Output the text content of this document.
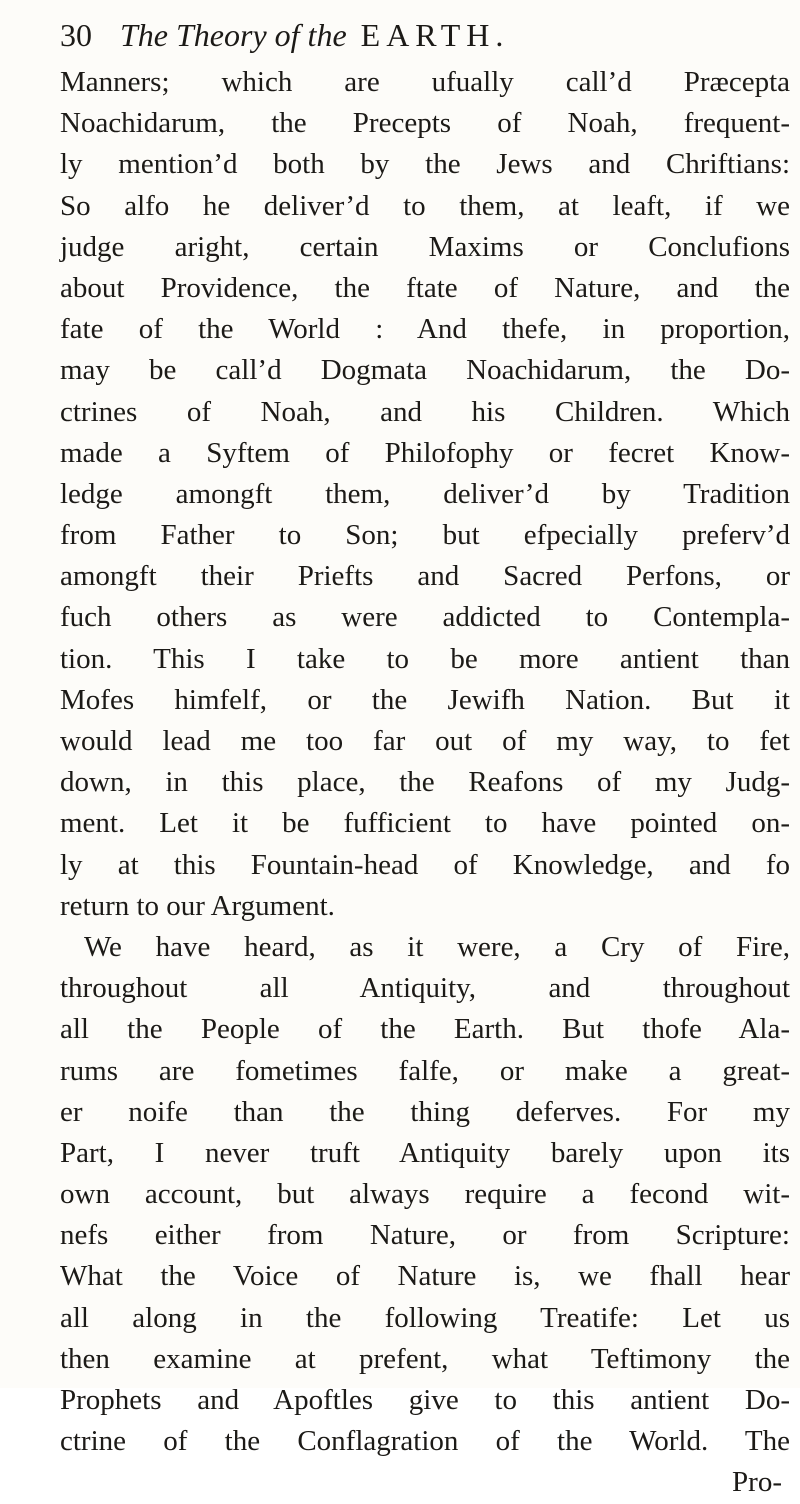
30 The Theory of the EARTH.
Manners; which are ufually call’d Præcepta
Noachidarum, the Precepts of Noah, frequent-
ly mention’d both by the Jews and Chriftians:
So alfo he deliver’d to them, at leaft, if we
judge aright, certain Maxims or Conclufions
about Providence, the ftate of Nature, and the
fate of the World : And thefe, in proportion,
may be call’d Dogmata Noachidarum, the Do-
ctrines of Noah, and his Children. Which
made a Syftem of Philofophy or fecret Know-
ledge amongft them, deliver’d by Tradition
from Father to Son; but efpecially preferv’d
amongft their Priefts and Sacred Perfons, or
fuch others as were addicted to Contempla-
tion. This I take to be more antient than
Mofes himfelf, or the Jewifh Nation. But it
would lead me too far out of my way, to fet
down, in this place, the Reafons of my Judg-
ment. Let it be fufficient to have pointed on-
ly at this Fountain-head of Knowledge, and fo
return to our Argument.
We have heard, as it were, a Cry of Fire,
throughout all Antiquity, and throughout
all the People of the Earth. But thofe Ala-
rums are fometimes falfe, or make a great-
er noife than the thing deferves. For my
Part, I never truft Antiquity barely upon its
own account, but always require a fecond wit-
nefs either from Nature, or from Scripture:
What the Voice of Nature is, we fhall hear
all along in the following Treatife: Let us
then examine at prefent, what Teftimony the
Prophets and Apoftles give to this antient Do-
ctrine of the Conflagration of the World. The
Pro-
